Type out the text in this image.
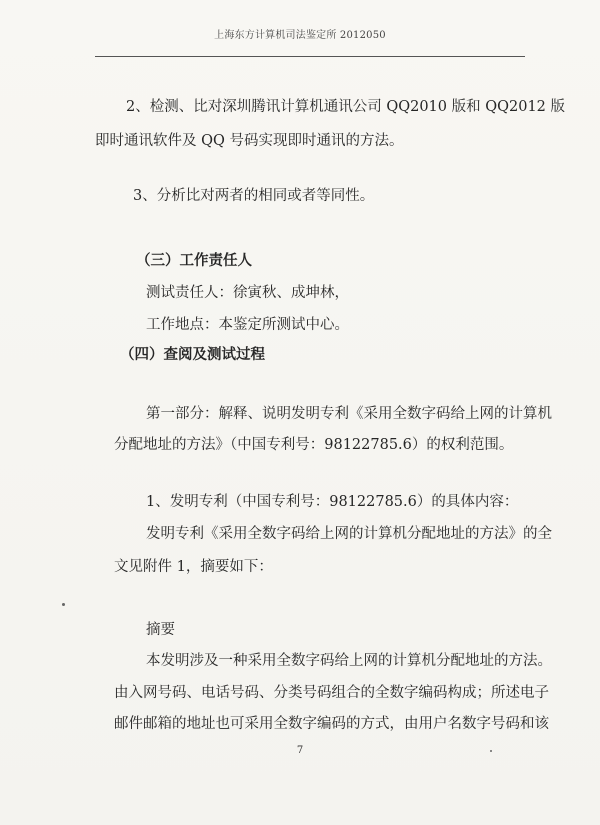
上海东方计算机司法鉴定所 2012050
2、检测、比对深圳腾讯计算机通讯公司 QQ2010 版和 QQ2012 版
即时通讯软件及 QQ 号码实现即时通讯的方法。
3、分析比对两者的相同或者等同性。
（三）工作责任人
测试责任人：徐寅秋、成坤林，
工作地点：本鉴定所测试中心。
（四）查阅及测试过程
第一部分：解释、说明发明专利《采用全数字码给上网的计算机
分配地址的方法》（中国专利号：98122785.6）的权利范围。
1、发明专利（中国专利号：98122785.6）的具体内容：
发明专利《采用全数字码给上网的计算机分配地址的方法》的全
文见附件 1，摘要如下：
摘要
本发明涉及一种采用全数字码给上网的计算机分配地址的方法。
由入网号码、电话号码、分类号码组合的全数字编码构成；所述电子
邮件邮箱的地址也可采用全数字编码的方式，由用户名数字号码和该
7
